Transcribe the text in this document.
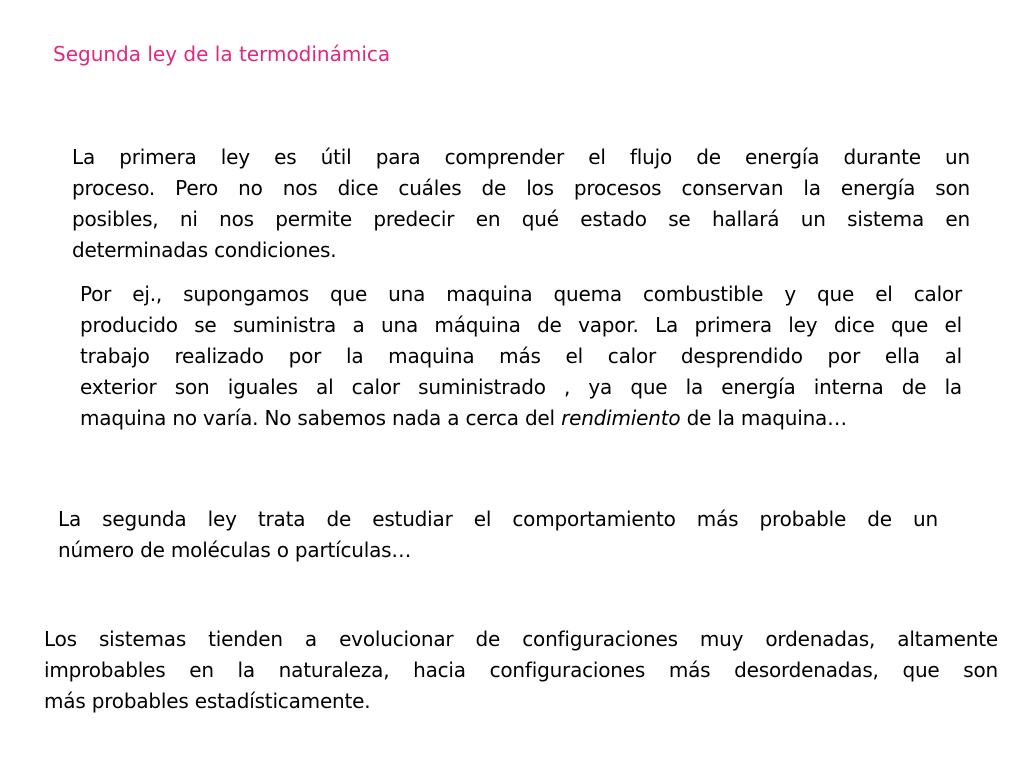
Segunda ley de la termodinámica

La primera ley es útil para comprender el flujo de energía durante un
proceso. Pero no nos dice cuáles de los procesos conservan la energía son
posibles, ni nos permite predecir en qué estado se hallará un sistema en
determinadas condiciones.

Por ej., supongamos que una maquina quema combustible y que el calor
producido se suministra a una máquina de vapor. La primera ley dice que el
trabajo realizado por la maquina más el calor desprendido por ella al
exterior son iguales al calor suministrado , ya que la energía interna de la
maquina no varía. No sabemos nada a cerca del rendimiento de la maquina…

La segunda ley trata de estudiar el comportamiento más probable de un
número de moléculas o partículas…

Los sistemas tienden a evolucionar de configuraciones muy ordenadas, altamente
improbables en la naturaleza, hacia configuraciones más desordenadas, que son
más probables estadísticamente.
